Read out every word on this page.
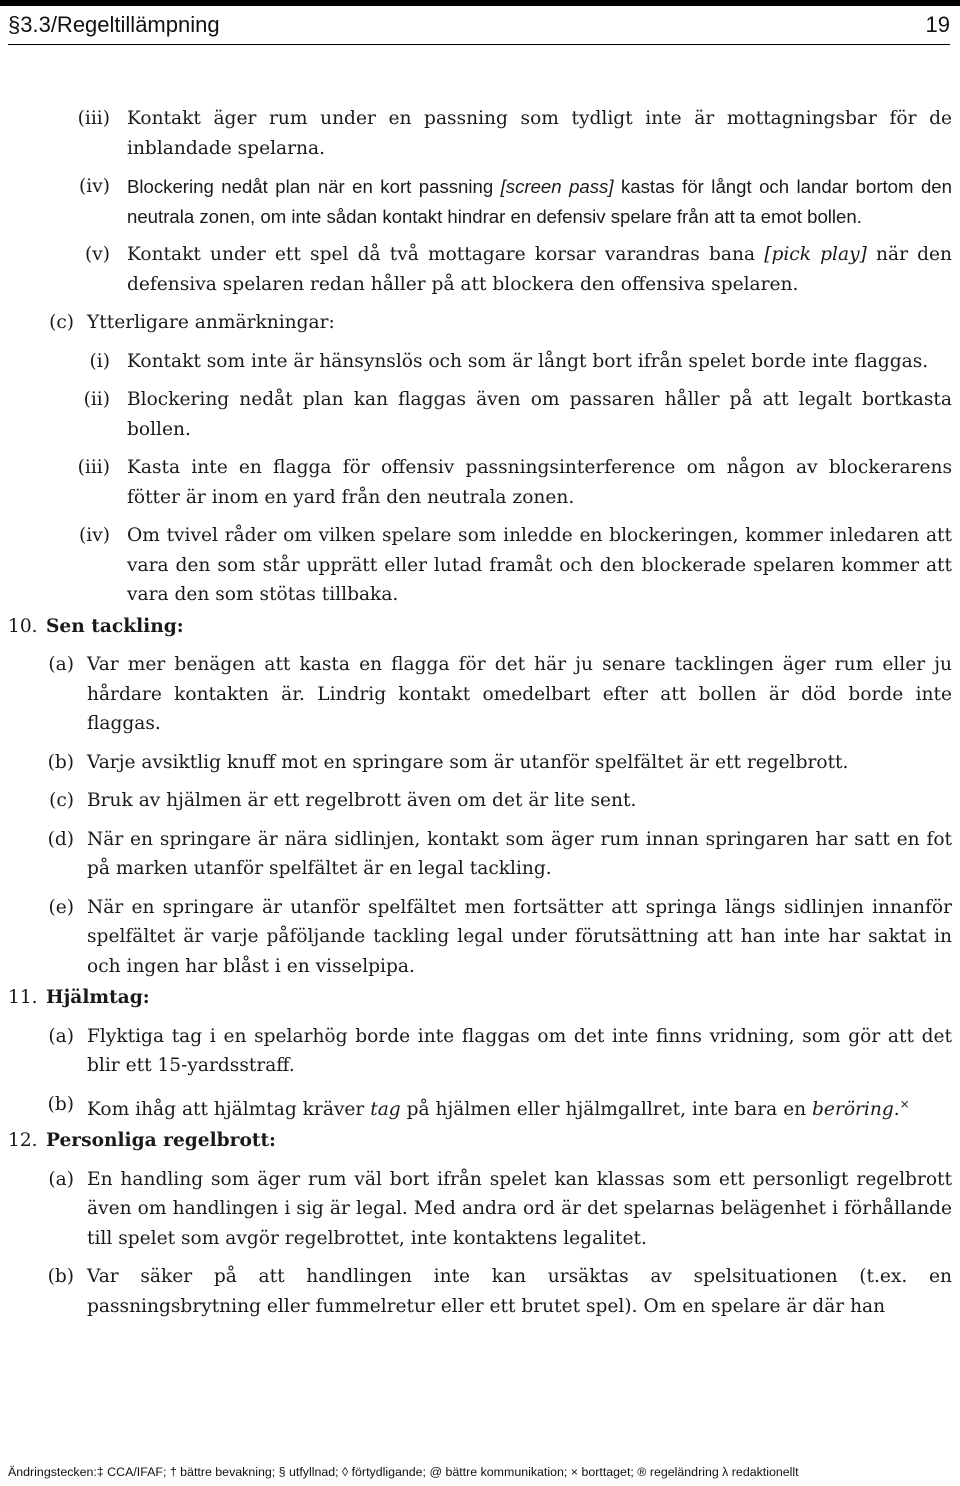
§3.3/Regeltillämpning	19
(iii) Kontakt äger rum under en passning som tydligt inte är mottagningsbar för de inblandade spelarna.
(iv) Blockering nedåt plan när en kort passning [screen pass] kastas för långt och landar bortom den neutrala zonen, om inte sådan kontakt hindrar en defensiv spelare från att ta emot bollen.
(v) Kontakt under ett spel då två mottagare korsar varandras bana [pick play] när den defensiva spelaren redan håller på att blockera den offensiva spelaren.
(c) Ytterligare anmärkningar:
(i) Kontakt som inte är hänsynslös och som är långt bort ifrån spelet borde inte flaggas.
(ii) Blockering nedåt plan kan flaggas även om passaren håller på att legalt bortkasta bollen.
(iii) Kasta inte en flagga för offensiv passningsinterference om någon av blockerarens fötter är inom en yard från den neutrala zonen.
(iv) Om tvivel råder om vilken spelare som inledde en blockeringen, kommer inledaren att vara den som står upprätt eller lutad framåt och den blockerade spelaren kommer att vara den som stötas tillbaka.
10. Sen tackling:
(a) Var mer benägen att kasta en flagga för det här ju senare tacklingen äger rum eller ju hårdare kontakten är. Lindrig kontakt omedelbart efter att bollen är död borde inte flaggas.
(b) Varje avsiktlig knuff mot en springare som är utanför spelfältet är ett regelbrott.
(c) Bruk av hjälmen är ett regelbrott även om det är lite sent.
(d) När en springare är nära sidlinjen, kontakt som äger rum innan springaren har satt en fot på marken utanför spelfältet är en legal tackling.
(e) När en springare är utanför spelfältet men fortsätter att springa längs sidlinjen innanför spelfältet är varje påföljande tackling legal under förutsättning att han inte har saktat in och ingen har blåst i en visselpipa.
11. Hjälmtag:
(a) Flyktiga tag i en spelarhög borde inte flaggas om det inte finns vridning, som gör att det blir ett 15-yardsstraff.
(b) Kom ihåg att hjälmtag kräver tag på hjälmen eller hjälmgallret, inte bara en beröring.×
12. Personliga regelbrott:
(a) En handling som äger rum väl bort ifrån spelet kan klassas som ett personligt regelbrott även om handlingen i sig är legal. Med andra ord är det spelarnas belägenhet i förhållande till spelet som avgör regelbrottet, inte kontaktens legalitet.
(b) Var säker på att handlingen inte kan ursäktas av spelsituationen (t.ex. en passningsbrytning eller fummelretur eller ett brutet spel). Om en spelare är där han
Ändringstecken:‡ CCA/IFAF; † bättre bevakning; § utfyllnad; ◊ förtydligande; @ bättre kommunikation; × borttaget; ® regeländring λ redaktionellt
